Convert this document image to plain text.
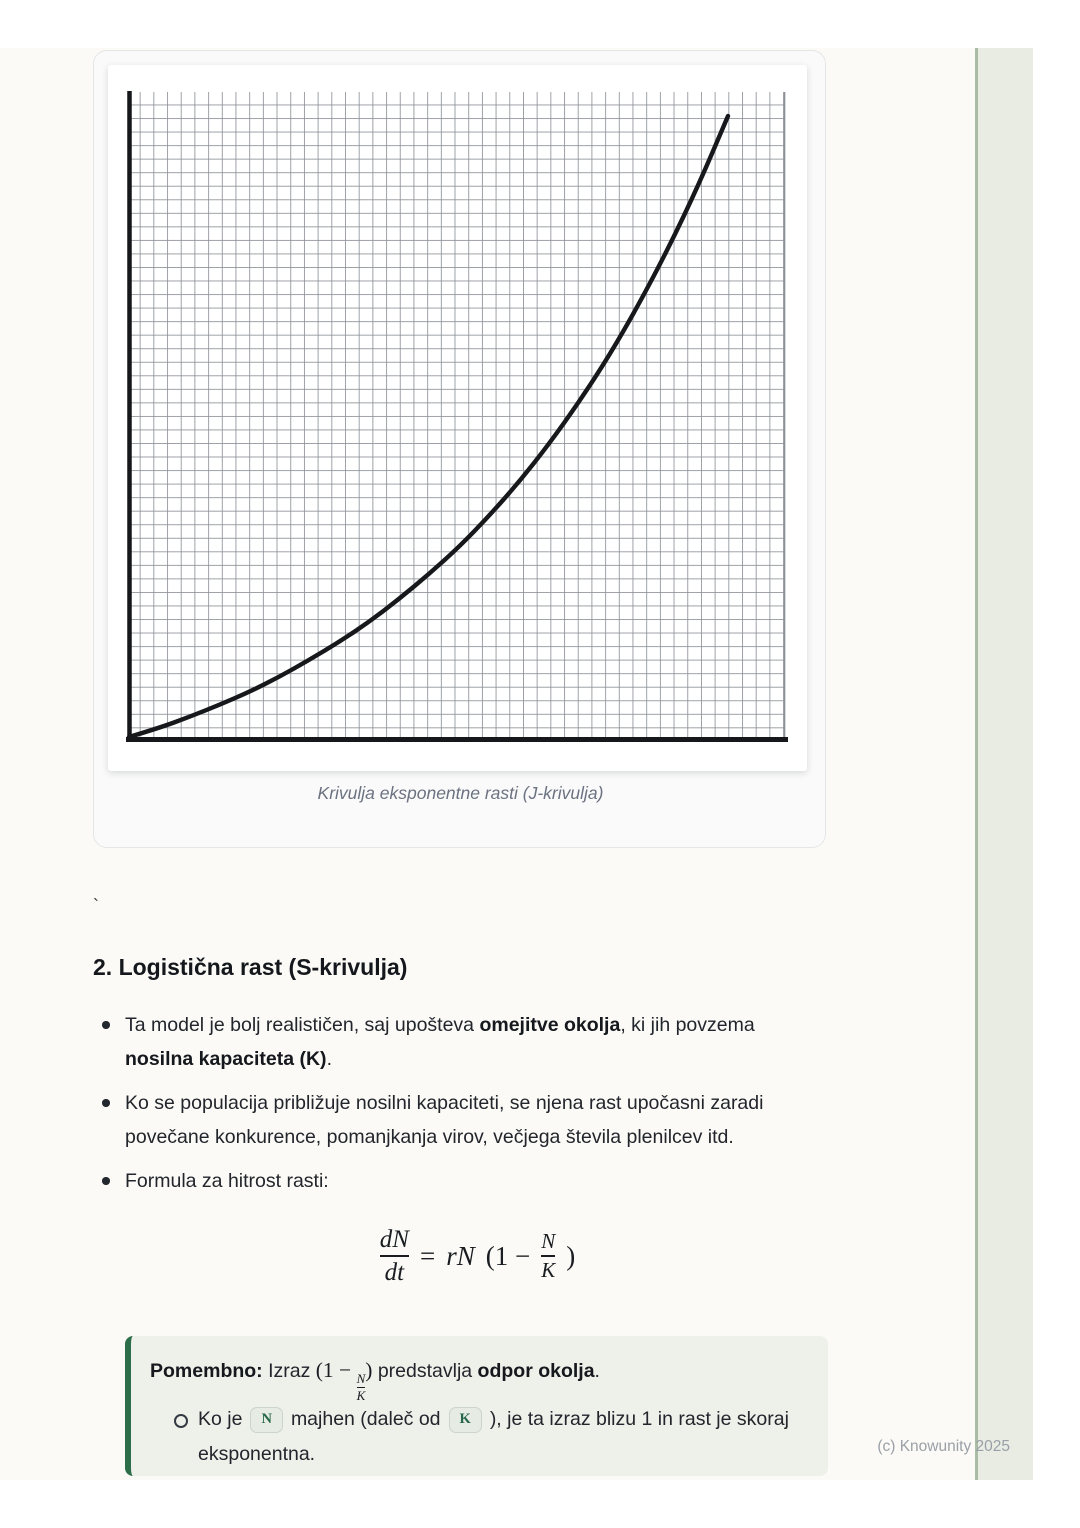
Krivulja eksponentne rasti (J-krivulja)
`
2. Logistična rast (S-krivulja)
Ta model je bolj realističen, saj upošteva omejitve okolja, ki jih povzema nosilna kapaciteta (K).
Ko se populacija približuje nosilni kapaciteti, se njena rast upočasni zaradi povečane konkurence, pomanjkanja virov, večjega števila plenilcev itd.
Formula za hitrost rasti:
$\frac{dN}{dt}$ = rN ($1 - \frac{N}{K}$ )

Pomembno: Izraz (1 −
$\frac{N}{K}$
) predstavlja odpor okolja.

Ko je N majhen (daleč od K ), je ta izraz blizu 1 in rast je skoraj eksponentna.	(c) Knowunity 2025
